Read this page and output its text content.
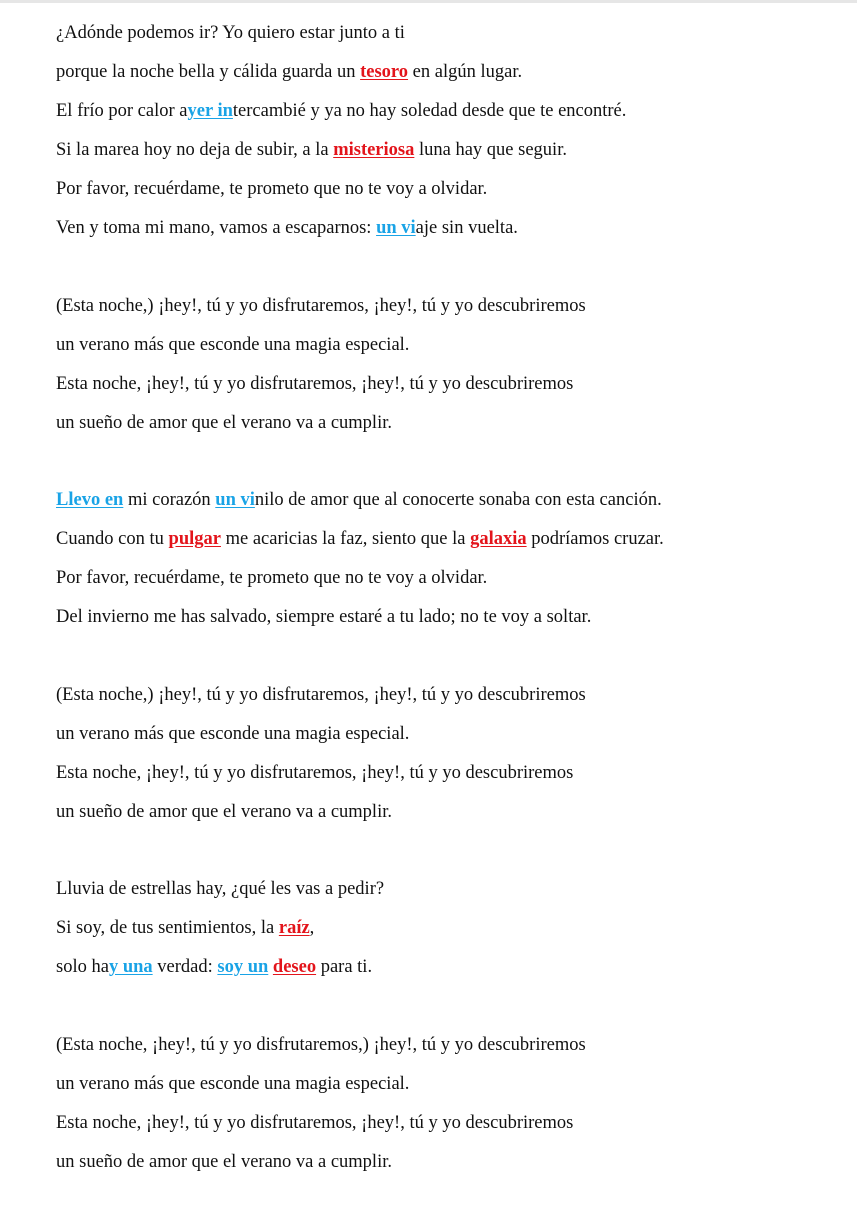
¿Adónde podemos ir? Yo quiero estar junto a ti
porque la noche bella y cálida guarda un tesoro en algún lugar.
El frío por calor ayer intercambié y ya no hay soledad desde que te encontré.
Si la marea hoy no deja de subir, a la misteriosa luna hay que seguir.
Por favor, recuérdame, te prometo que no te voy a olvidar.
Ven y toma mi mano, vamos a escaparnos: un viaje sin vuelta.
(Esta noche,) ¡hey!, tú y yo disfrutaremos, ¡hey!, tú y yo descubriremos
un verano más que esconde una magia especial.
Esta noche, ¡hey!, tú y yo disfrutaremos, ¡hey!, tú y yo descubriremos
un sueño de amor que el verano va a cumplir.
Llevo en mi corazón un vinilo de amor que al conocerte sonaba con esta canción.
Cuando con tu pulgar me acaricias la faz, siento que la galaxia podríamos cruzar.
Por favor, recuérdame, te prometo que no te voy a olvidar.
Del invierno me has salvado, siempre estaré a tu lado; no te voy a soltar.
(Esta noche,) ¡hey!, tú y yo disfrutaremos, ¡hey!, tú y yo descubriremos
un verano más que esconde una magia especial.
Esta noche, ¡hey!, tú y yo disfrutaremos, ¡hey!, tú y yo descubriremos
un sueño de amor que el verano va a cumplir.
Lluvia de estrellas hay, ¿qué les vas a pedir?
Si soy, de tus sentimientos, la raíz,
solo hay una verdad: soy un deseo para ti.
(Esta noche, ¡hey!, tú y yo disfrutaremos,) ¡hey!, tú y yo descubriremos
un verano más que esconde una magia especial.
Esta noche, ¡hey!, tú y yo disfrutaremos, ¡hey!, tú y yo descubriremos
un sueño de amor que el verano va a cumplir.
